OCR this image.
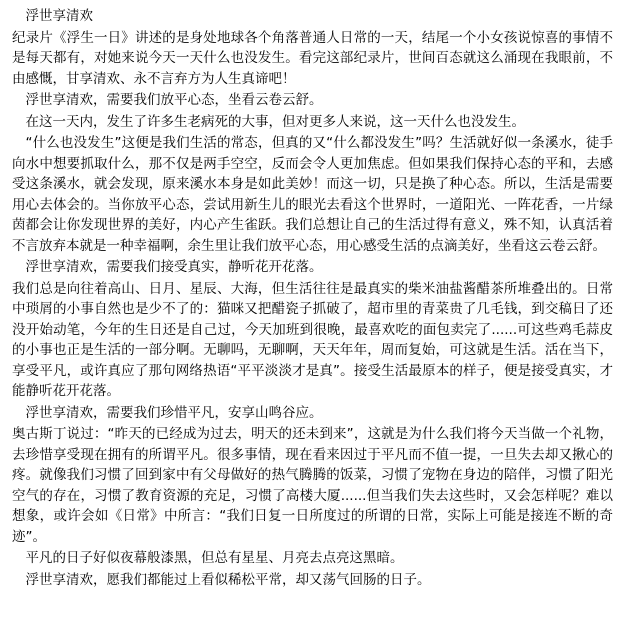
浮世享清欢
纪录片《浮生一日》讲述的是身处地球各个角落普通人日常的一天，结尾一个小女孩说惊喜的事情不是每天都有，对她来说今天一天什么也没发生。看完这部纪录片，世间百态就这么涌现在我眼前，不由感慨，甘享清欢、永不言弃方为人生真谛吧！
浮世享清欢，需要我们放平心态，坐看云卷云舒。
在这一天内，发生了许多生老病死的大事，但对更多人来说，这一天什么也没发生。
“什么也没发生”这便是我们生活的常态，但真的又“什么都没发生”吗？生活就好似一条溪水，徒手向水中想要抓取什么，那不仅是两手空空，反而会令人更加焦虑。但如果我们保持心态的平和，去感受这条溪水，就会发现，原来溪水本身是如此美妙！而这一切，只是换了种心态。所以，生活是需要用心去体会的。当你放平心态，尝试用新生儿的眼光去看这个世界时，一道阳光、一阵花香，一片绿茵都会让你发现世界的美好，内心产生雀跃。我们总想让自己的生活过得有意义，殊不知，认真活着不言放弃本就是一种幸福啊，余生里让我们放平心态，用心感受生活的点滴美好，坐看这云卷云舒。
浮世享清欢，需要我们接受真实，静听花开花落。
我们总是向往着高山、日月、星辰、大海，但生活往往是最真实的柴米油盐酱醋茶所堆叠出的。日常中琐屑的小事自然也是少不了的：猫咪又把醋瓷子抓破了，超市里的青菜贵了几毛钱，到交稿日了还没开始动笔，今年的生日还是自己过，今天加班到很晚，最喜欢吃的面包卖完了......可这些鸡毛蒜皮的小事也正是生活的一部分啊。无聊吗，无聊啊，天天年年，周而复始，可这就是生活。活在当下，享受平凡，或许真应了那句网络热语“平平淡淡才是真”。接受生活最原本的样子，便是接受真实，才能静听花开花落。
浮世享清欢，需要我们珍惜平凡，安享山鸣谷应。
奥古斯丁说过：“昨天的已经成为过去，明天的还未到来”，这就是为什么我们将今天当做一个礼物，去珍惜享受现在拥有的所谓平凡。很多事情，现在看来因过于平凡而不值一提，一旦失去却又揪心的疼。就像我们习惯了回到家中有父母做好的热气腾腾的饭菜，习惯了宠物在身边的陪伴，习惯了阳光空气的存在，习惯了教育资源的充足，习惯了高楼大厦......但当我们失去这些时，又会怎样呢？难以想象，或许会如《日常》中所言：“我们日复一日所度过的所谓的日常，实际上可能是接连不断的奇迹”。
平凡的日子好似夜幕般漆黑，但总有星星、月亮去点亮这黑暗。
浮世享清欢，愿我们都能过上看似稀松平常，却又荡气回肠的日子。
